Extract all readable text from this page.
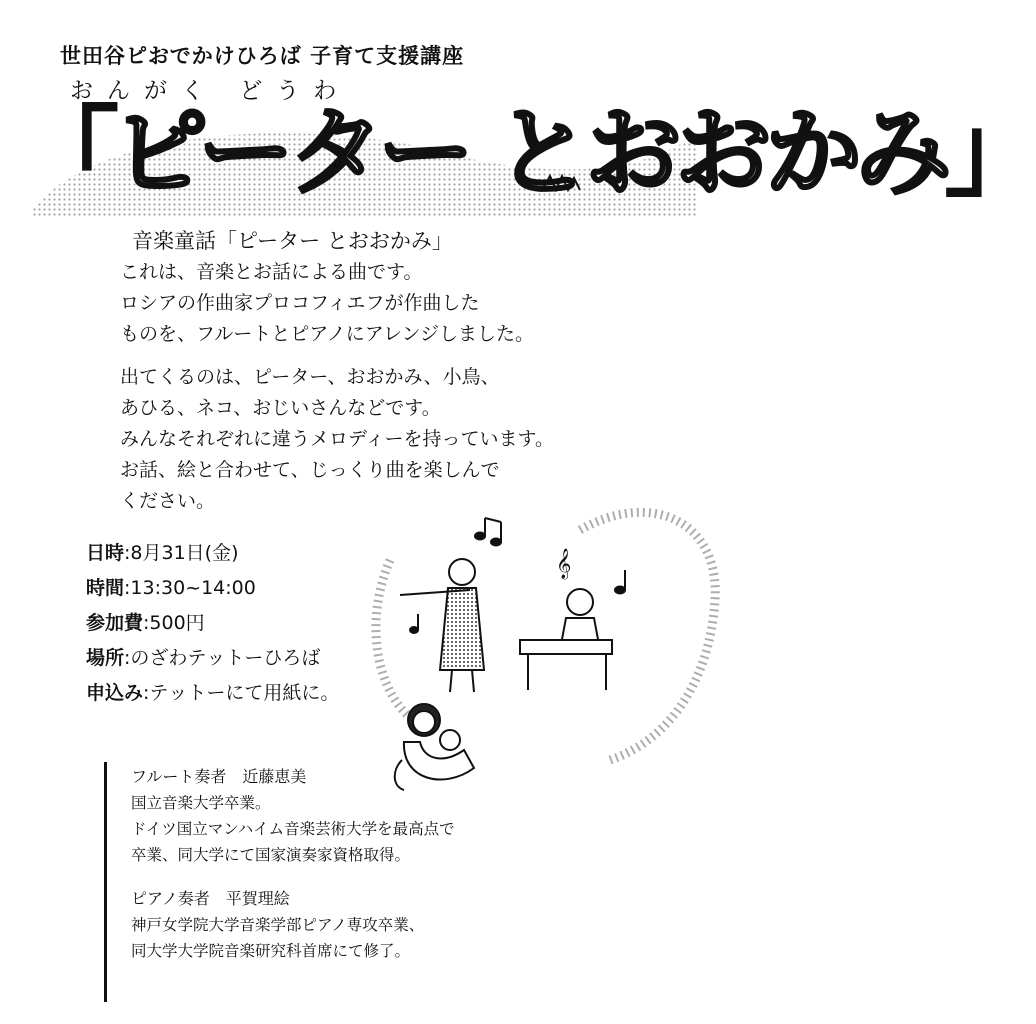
世田谷ピおでかけひろば 子育て支援講座
おんがく どうわ
「ピーター とおおかみ」

音楽童話「ピーター とおおかみ」

これは、音楽とお話による曲です。

ロシアの作曲家プロコフィエフが作曲した

ものを、フルートとピアノにアレンジしました。

出てくるのは、ピーター、おおかみ、小鳥、

あひる、ネコ、おじいさんなどです。

みんなそれぞれに違うメロディーを持っています。

お話、絵と合わせて、じっくり曲を楽しんで

ください。

日時:8月31日(金)
時間:13:30~14:00
参加費:500円
場所:のざわテットーひろば
申込み:テットーにて用紙に。
𝄞
フルート奏者　近藤恵美
国立音楽大学卒業。
ドイツ国立マンハイム音楽芸術大学を最高点で
卒業、同大学にて国家演奏家資格取得。
ピアノ奏者　平賀理絵
神戸女学院大学音楽学部ピアノ専攻卒業、
同大学大学院音楽研究科首席にて修了。
